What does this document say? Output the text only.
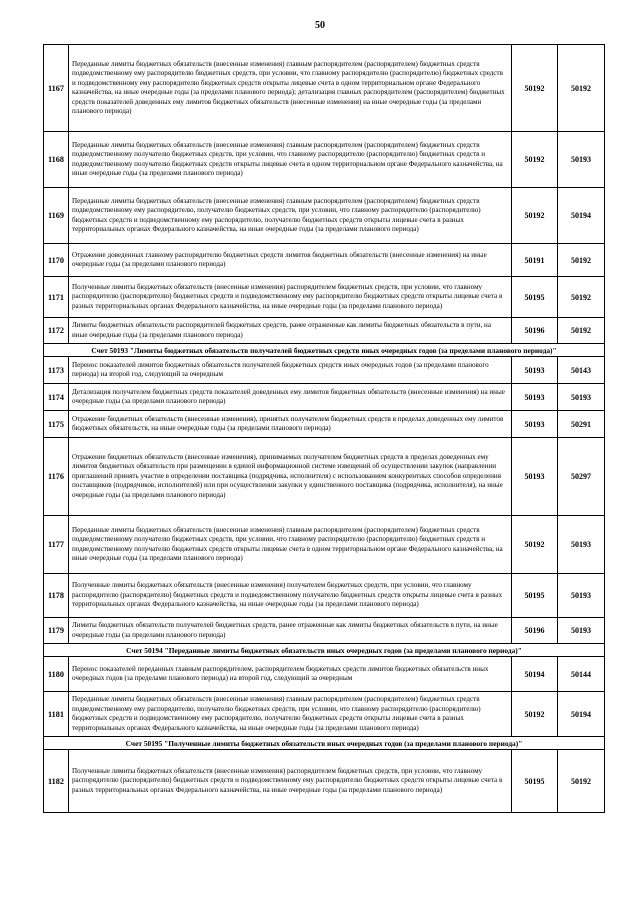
50
1167	Переданные лимиты бюджетных обязательств (внесенные изменения) главным распорядителем (распорядителем) бюджетных средств подведомственному ему распорядителю бюджетных средств, при условии, что главному распорядителю (распорядителю) бюджетных средств и подведомственному ему распорядителю бюджетных средств открыты лицевые счета в одном территориальном органе Федерального казначейства, на иные очередные годы (за пределами планового периода); детализация главных распорядителем (распорядителем) бюджетных средств показателей доведенных ему лимитов бюджетных обязательств (внесенные изменения) на иные очередные годы (за пределами планового периода)	50192	50192
1168	Переданные лимиты бюджетных обязательств (внесенные изменения) главным распорядителем (распорядителем) бюджетных средств подведомственному получателю бюджетных средств, при условии, что главному распорядителю (распорядителю) бюджетных средств и подведомственному получателю бюджетных средств открыты лицевые счета в одном территориальном органе Федерального казначейства, на иные очередные годы (за пределами планового периода)	50192	50193
1169	Переданные лимиты бюджетных обязательств (внесенные изменения) главным распорядителем (распорядителем) бюджетных средств подведомственному ему распорядителю, получателю бюджетных средств, при условии, что главному распорядителю (распорядителю) бюджетных средств и подведомственному ему распорядителю, получателю бюджетных средств открыты лицевые счета в разных территориальных органах Федерального казначейства, на иные очередные годы (за пределами планового периода)	50192	50194
1170	Отражение доведенных главному распорядителю бюджетных средств лимитов бюджетных обязательств (внесенные изменения) на иные очередные годы (за пределами планового периода)	50191	50192
1171	Полученные лимиты бюджетных обязательств (внесенные изменения) распорядителем бюджетных средств, при условии, что главному распорядителю (распорядителю) бюджетных средств и подведомственному ему распорядителю бюджетных средств открыты лицевые счета в разных территориальных органах Федерального казначейства, на иные очередные годы (за пределами планового периода)	50195	50192
1172	Лимиты бюджетных обязательств распорядителей бюджетных средств, ранее отраженные как лимиты бюджетных обязательств в пути, на иные очередные годы (за пределами планового периода)	50196	50192
Счет 50193 "Лимиты бюджетных обязательств получателей бюджетных средств иных очередных годов (за пределами планового периода)"			
1173	Перенос показателей лимитов бюджетных обязательств получателей бюджетных средств иных очередных годов (за пределами планового периода) на второй год, следующий за очередным	50193	50143
1174	Детализация получателем бюджетных средств показателей доведенных ему лимитов бюджетных обязательств (внесенные изменения) на иные очередные годы (за пределами планового периода)	50193	50193
1175	Отражение бюджетных обязательств (внесенные изменения), принятых получателем бюджетных средств в пределах доведенных ему лимитов бюджетных обязательств, на иные очередные годы (за пределами планового периода)	50193	50291
1176	Отражение бюджетных обязательств (внесенные изменения), принимаемых получателем бюджетных средств в пределах доведенных ему лимитов бюджетных обязательств при размещении в единой информационной системе извещений об осуществлении закупок (направлении приглашений принять участие в определении поставщика (подрядчика, исполнителя) с использованием конкурентных способов определения поставщиков (подрядчиков, исполнителей) или при осуществлении закупки у единственного поставщика (подрядчика, исполнителя), на иные очередные годы (за пределами планового периода)	50193	50297
1177	Переданные лимиты бюджетных обязательств (внесенные изменения) главным распорядителем (распорядителем) бюджетных средств подведомственному получателю бюджетных средств, при условии, что главному распорядителю (распорядителю) бюджетных средств и подведомственному получателю бюджетных средств открыты лицевые счета в одном территориальном органе Федерального казначейства, на иные очередные годы (за пределами планового периода)	50192	50193
1178	Полученные лимиты бюджетных обязательств (внесенные изменения) получателем бюджетных средств, при условии, что главному распорядителю (распорядителю) бюджетных средств и подведомственному получателю бюджетных средств открыты лицевые счета в разных территориальных органах Федерального казначейства, на иные очередные годы (за пределами планового периода)	50195	50193
1179	Лимиты бюджетных обязательств получателей бюджетных средств, ранее отраженные как лимиты бюджетных обязательств в пути, на иные очередные годы (за пределами планового периода)	50196	50193
Счет 50194 "Переданные лимиты бюджетных обязательств иных очередных годов (за пределами планового периода)"			
1180	Перенос показателей переданных главным распорядителем, распорядителем бюджетных средств лимитов бюджетных обязательств иных очередных годов (за пределами планового периода) на второй год, следующий за очередным	50194	50144
1181	Переданные лимиты бюджетных обязательств (внесенные изменения) главным распорядителем (распорядителем) бюджетных средств подведомственному ему распорядителю, получателю бюджетных средств, при условии, что главному распорядителю (распорядителю) бюджетных средств и подведомственному ему распорядителю, получателю бюджетных средств открыты лицевые счета в разных территориальных органах Федерального казначейства, на иные очередные годы (за пределами планового периода)	50192	50194
Счет 50195 "Полученные лимиты бюджетных обязательств иных очередных годов (за пределами планового периода)"			
1182	Полученные лимиты бюджетных обязательств (внесенные изменения) распорядителем бюджетных средств, при условии, что главному распорядителю (распорядителю) бюджетных средств и подведомственному ему распорядителю бюджетных средств открыты лицевые счета в разных территориальных органах Федерального казначейства, на иные очередные годы (за пределами планового периода)	50195	50192
